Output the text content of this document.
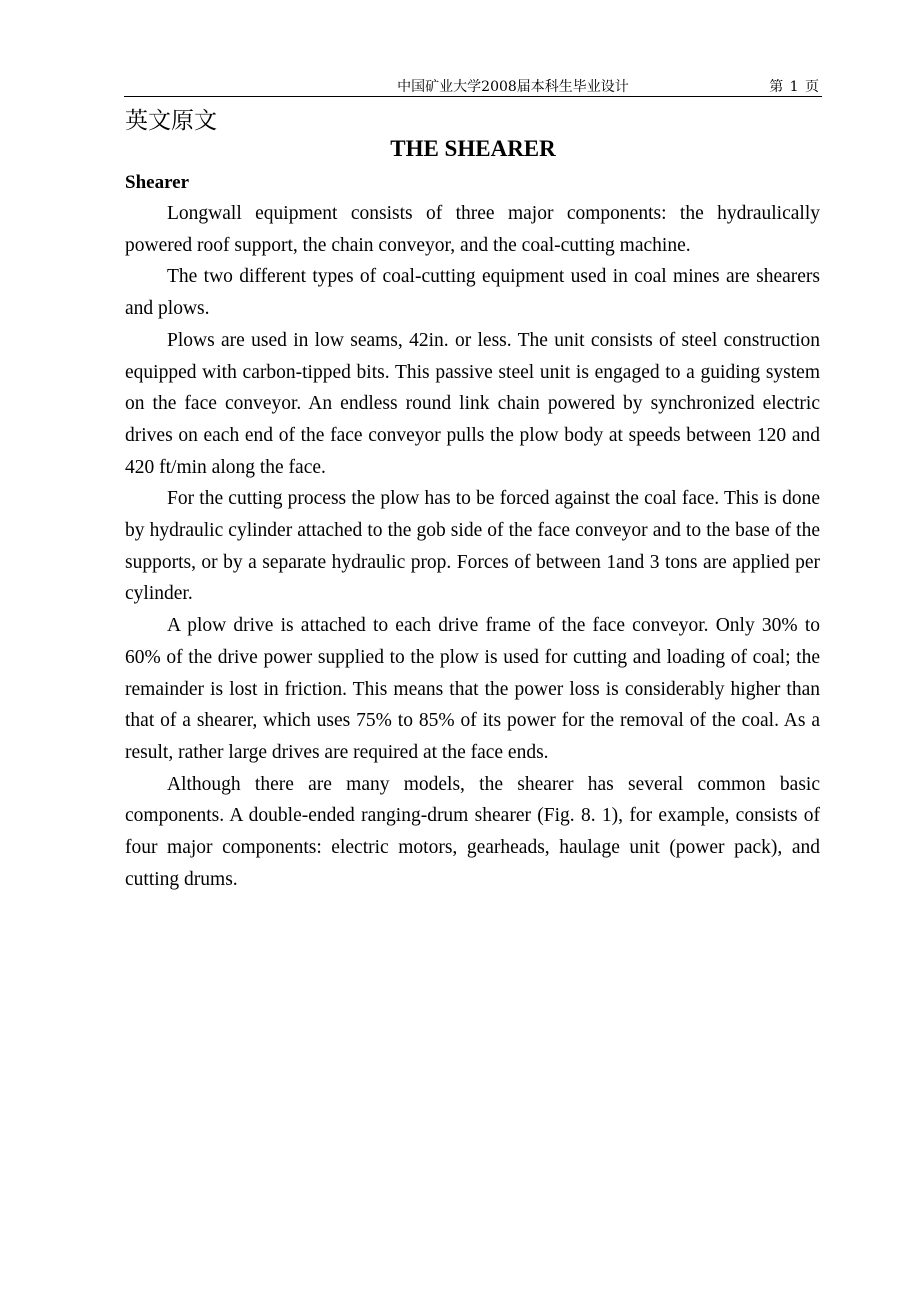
中国矿业大学2008届本科生毕业设计	第 1 页
英文原文
THE SHEARER
Shearer

Longwall equipment consists of three major components: the hydraulically powered roof support, the chain conveyor, and the coal-cutting machine.

The two different types of coal-cutting equipment used in coal mines are shearers and plows.

Plows are used in low seams, 42in. or less. The unit consists of steel construction equipped with carbon-tipped bits. This passive steel unit is engaged to a guiding system on the face conveyor. An endless round link chain powered by synchronized electric drives on each end of the face conveyor pulls the plow body at speeds between 120 and 420 ft/min along the face.

For the cutting process the plow has to be forced against the coal face. This is done by hydraulic cylinder attached to the gob side of the face conveyor and to the base of the supports, or by a separate hydraulic prop. Forces of between 1and 3 tons are applied per cylinder.

A plow drive is attached to each drive frame of the face conveyor. Only 30% to 60% of the drive power supplied to the plow is used for cutting and loading of coal; the remainder is lost in friction. This means that the power loss is considerably higher than that of a shearer, which uses 75% to 85% of its power for the removal of the coal. As a result, rather large drives are required at the face ends.

Although there are many models, the shearer has several common basic components. A double-ended ranging-drum shearer (Fig. 8. 1), for example, consists of four major components: electric motors, gearheads, haulage unit (power pack), and cutting drums.
